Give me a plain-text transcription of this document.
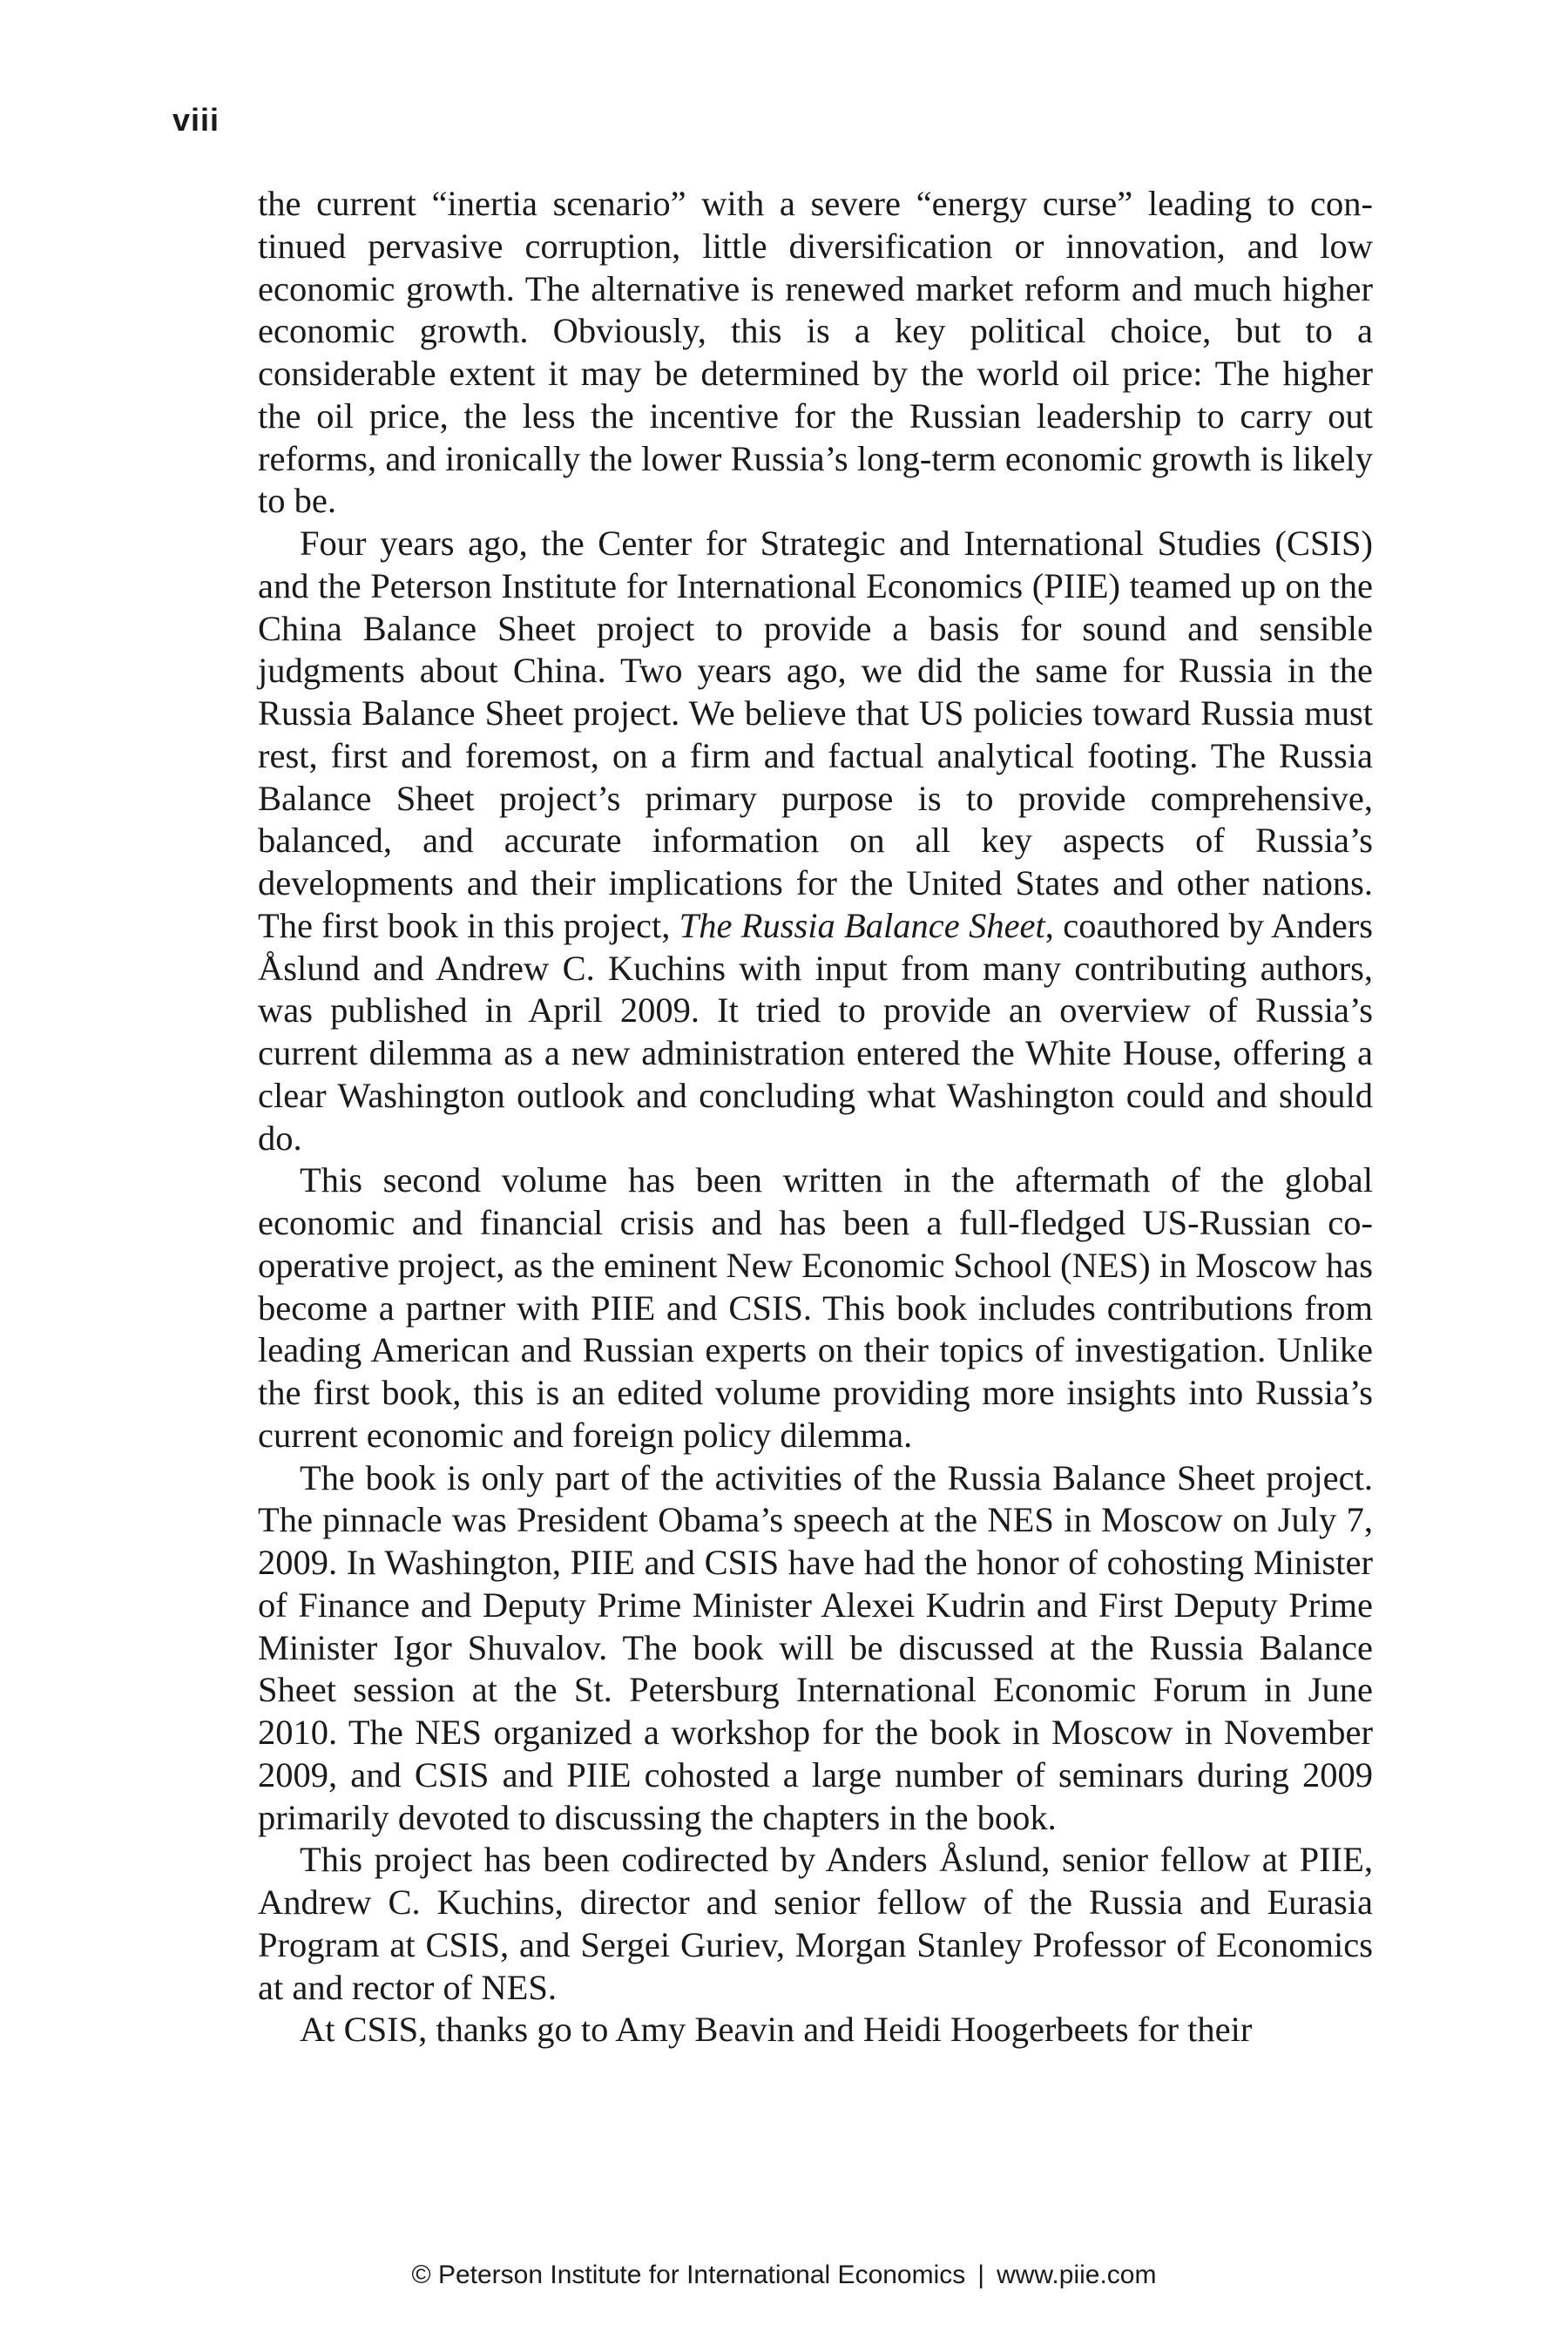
viii

the current “inertia scenario” with a severe “energy curse” leading to continued pervasive corruption, little diversification or innovation, and low economic growth. The alternative is renewed market reform and much higher economic growth. Obviously, this is a key political choice, but to a considerable extent it may be determined by the world oil price: The higher the oil price, the less the incentive for the Russian leadership to carry out reforms, and ironically the lower Russia’s long-term economic growth is likely to be.

Four years ago, the Center for Strategic and International Studies (CSIS) and the Peterson Institute for International Economics (PIIE) teamed up on the China Balance Sheet project to provide a basis for sound and sensible judgments about China. Two years ago, we did the same for Russia in the Russia Balance Sheet project. We believe that US policies toward Russia must rest, first and foremost, on a firm and factual analytical footing. The Russia Balance Sheet project’s primary purpose is to provide comprehensive, balanced, and accurate information on all key aspects of Russia’s developments and their implications for the United States and other nations. The first book in this project, The Russia Balance Sheet, coauthored by Anders Åslund and Andrew C. Kuchins with input from many contributing authors, was published in April 2009. It tried to provide an overview of Russia’s current dilemma as a new administration entered the White House, offering a clear Washington outlook and concluding what Washington could and should do.

This second volume has been written in the aftermath of the global economic and financial crisis and has been a full-fledged US-Russian cooperative project, as the eminent New Economic School (NES) in Moscow has become a partner with PIIE and CSIS. This book includes contributions from leading American and Russian experts on their topics of investigation. Unlike the first book, this is an edited volume providing more insights into Russia’s current economic and foreign policy dilemma.

The book is only part of the activities of the Russia Balance Sheet project. The pinnacle was President Obama’s speech at the NES in Moscow on July 7, 2009. In Washington, PIIE and CSIS have had the honor of cohosting Minister of Finance and Deputy Prime Minister Alexei Kudrin and First Deputy Prime Minister Igor Shuvalov. The book will be discussed at the Russia Balance Sheet session at the St. Petersburg International Economic Forum in June 2010. The NES organized a workshop for the book in Moscow in November 2009, and CSIS and PIIE cohosted a large number of seminars during 2009 primarily devoted to discussing the chapters in the book.

This project has been codirected by Anders Åslund, senior fellow at PIIE, Andrew C. Kuchins, director and senior fellow of the Russia and Eurasia Program at CSIS, and Sergei Guriev, Morgan Stanley Professor of Economics at and rector of NES.

At CSIS, thanks go to Amy Beavin and Heidi Hoogerbeets for their

© Peterson Institute for International Economics | www.piie.com
